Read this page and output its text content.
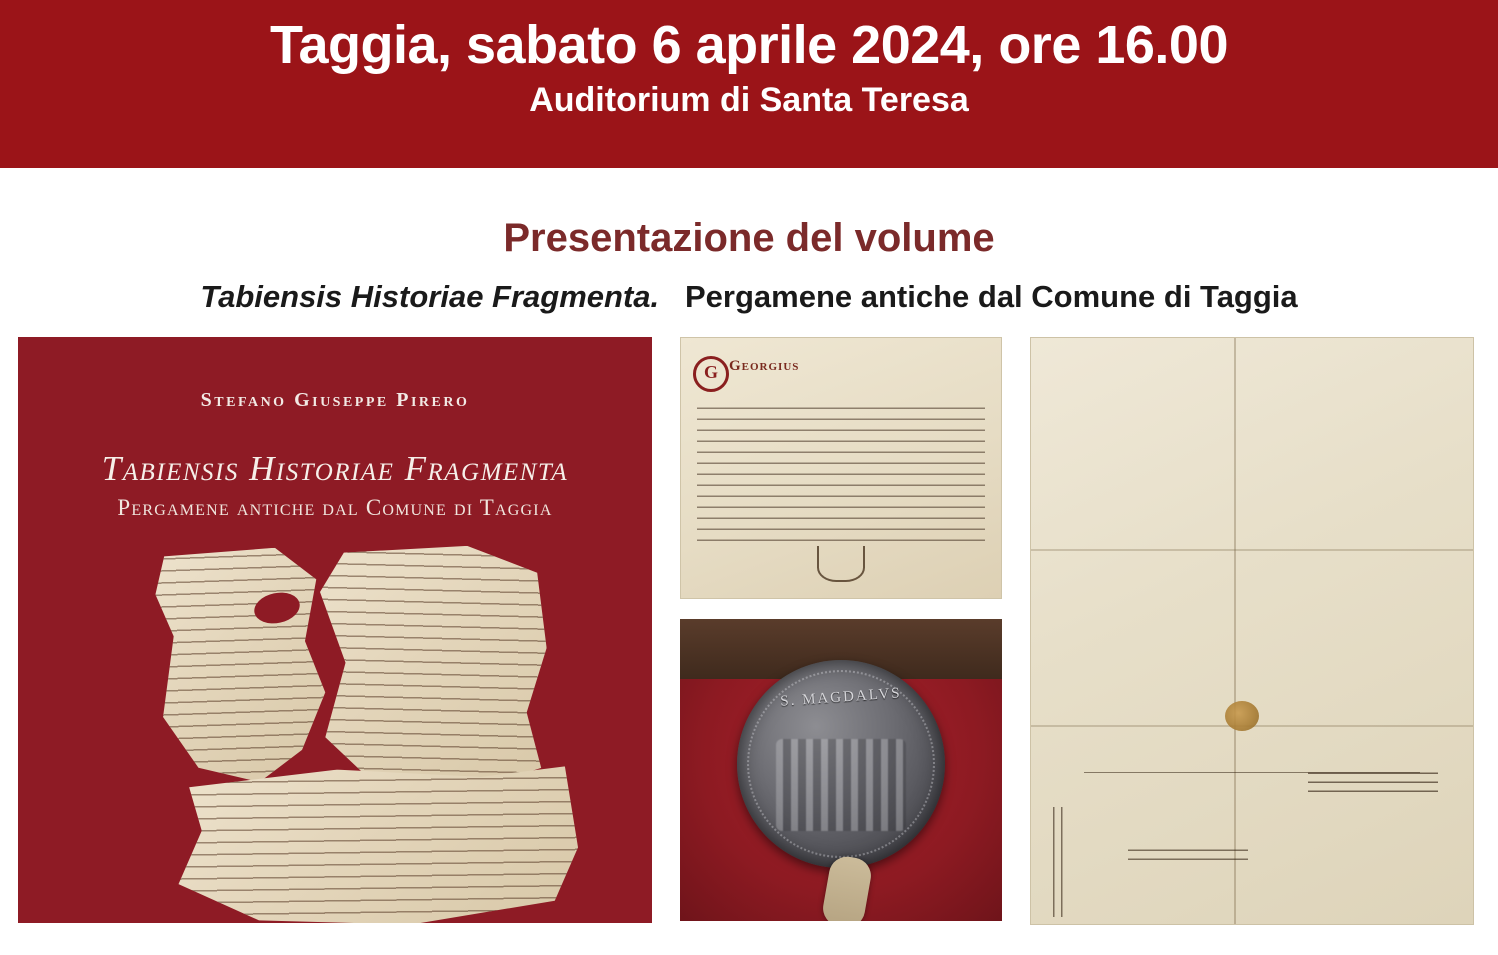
Taggia, sabato 6 aprile 2024, ore 16.00
Auditorium di Santa Teresa
Presentazione del volume
Tabiensis Historiae Fragmenta. Pergamene antiche dal Comune di Taggia
Stefano Giuseppe Pirero
Tabiensis Historiae Fragmenta
Pergamene antiche dal Comune di Taggia
G Georgius
S. MAGDALVS
